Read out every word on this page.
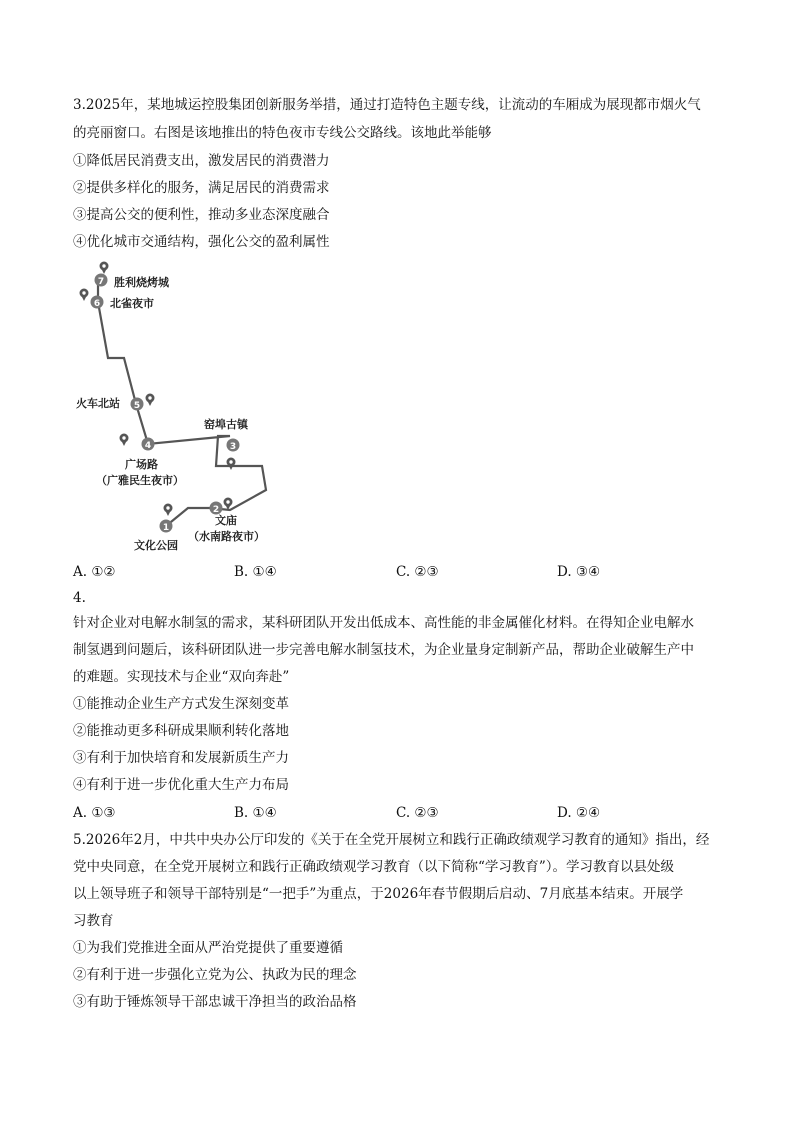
3.2025年，某地城运控股集团创新服务举措，通过打造特色主题专线，让流动的车厢成为展现都市烟火气
的亮丽窗口。右图是该地推出的特色夜市专线公交路线。该地此举能够
①降低居民消费支出，激发居民的消费潜力
②提供多样化的服务，满足居民的消费需求
③提高公交的便利性，推动多业态深度融合
④优化城市交通结构，强化公交的盈利属性
7
6
5
4	3
2
1
胜利烧烤城
北雀夜市
火车北站
窑埠古镇
广场路
（广雅民生夜市）
文庙
（水南路夜市）
文化公园
A. ①②	B. ①④	C. ②③	D. ③④
4.
针对企业对电解水制氢的需求，某科研团队开发出低成本、高性能的非金属催化材料。在得知企业电解水
制氢遇到问题后，该科研团队进一步完善电解水制氢技术，为企业量身定制新产品，帮助企业破解生产中
的难题。实现技术与企业“双向奔赴”
①能推动企业生产方式发生深刻变革
②能推动更多科研成果顺利转化落地
③有利于加快培育和发展新质生产力
④有利于进一步优化重大生产力布局
A. ①③	B. ①④	C. ②③	D. ②④
5.2026年2月，中共中央办公厅印发的《关于在全党开展树立和践行正确政绩观学习教育的通知》指出，经
党中央同意，在全党开展树立和践行正确政绩观学习教育（以下简称“学习教育”）。学习教育以县处级
以上领导班子和领导干部特别是“一把手”为重点，于2026年春节假期后启动、7月底基本结束。开展学
习教育
①为我们党推进全面从严治党提供了重要遵循
②有利于进一步强化立党为公、执政为民的理念
③有助于锤炼领导干部忠诚干净担当的政治品格
